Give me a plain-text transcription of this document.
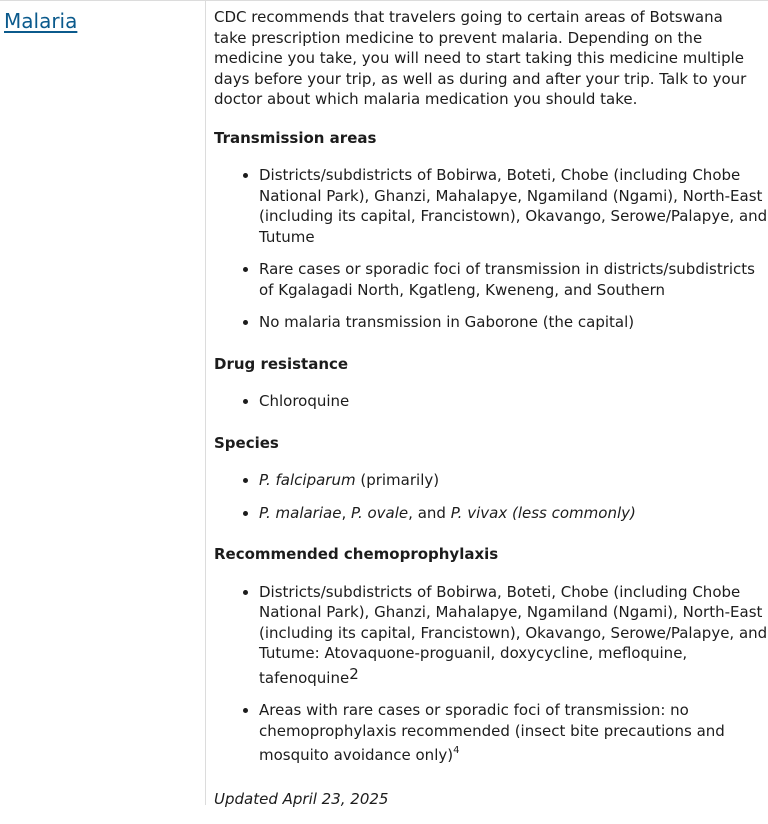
Malaria	CDC recommends that travelers going to certain areas of Botswana take prescription medicine to prevent malaria. Depending on the medicine you take, you will need to start taking this medicine multiple days before your trip, as well as during and after your trip. Talk to your doctor about which malaria medication you should take.

Transmission areas

• Districts/subdistricts of Bobirwa, Boteti, Chobe (including Chobe National Park), Ghanzi, Mahalapye, Ngamiland (Ngami), North-East (including its capital, Francistown), Okavango, Serowe/Palapye, and Tutume
• Rare cases or sporadic foci of transmission in districts/subdistricts of Kgalagadi North, Kgatleng, Kweneng, and Southern
• No malaria transmission in Gaborone (the capital)

Drug resistance

• Chloroquine

Species

• P. falciparum (primarily)
• P. malariae, P. ovale, and P. vivax (less commonly)

Recommended chemoprophylaxis

• Districts/subdistricts of Bobirwa, Boteti, Chobe (including Chobe National Park), Ghanzi, Mahalapye, Ngamiland (Ngami), North-East (including its capital, Francistown), Okavango, Serowe/Palapye, and Tutume: Atovaquone-proguanil, doxycycline, mefloquine, tafenoquine$^2$
• Areas with rare cases or sporadic foci of transmission: no chemoprophylaxis recommended (insect bite precautions and mosquito avoidance only)$^4$

Updated April 23, 2025
